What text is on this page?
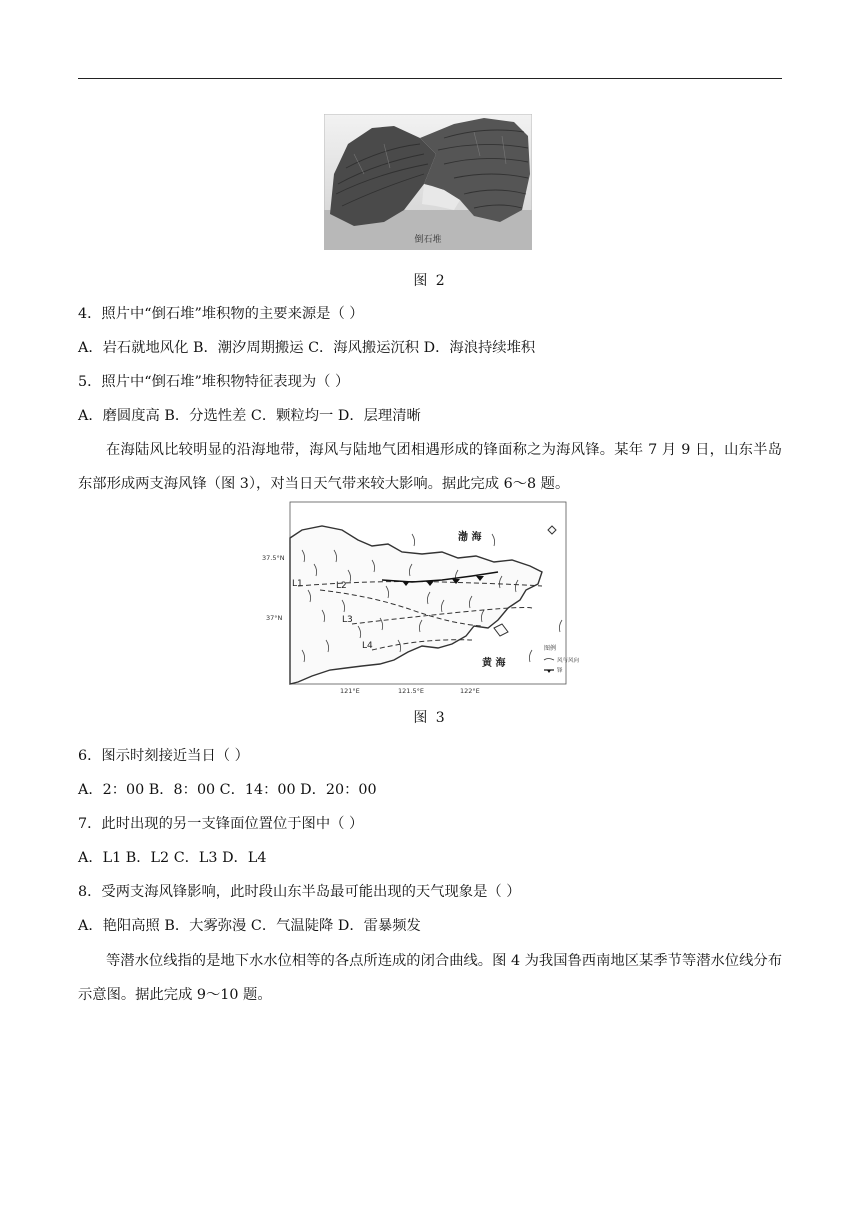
倒石堆
图 2
4．照片中“倒石堆”堆积物的主要来源是（ ）
A．岩石就地风化 B．潮汐周期搬运 C．海风搬运沉积 D．海浪持续堆积
5．照片中“倒石堆”堆积物特征表现为（ ）
A．磨圆度高 B．分选性差 C．颗粒均一 D．层理清晰
在海陆风比较明显的沿海地带，海风与陆地气团相遇形成的锋面称之为海风锋。某年 7 月 9 日，山东半岛东部形成两支海风锋（图 3），对当日天气带来较大影响。据此完成 6～8 题。
L1	L2
L3
L4
渤 海
黄 海
37.5°N
37°N
121°E	121.5°E	122°E
图例
风与风向
锋
图 3
6．图示时刻接近当日（ ）
A．2：00 B．8：00 C．14：00 D．20：00
7．此时出现的另一支锋面位置位于图中（ ）
A．L1 B．L2 C．L3 D．L4
8．受两支海风锋影响，此时段山东半岛最可能出现的天气现象是（ ）
A．艳阳高照 B．大雾弥漫 C．气温陡降 D．雷暴频发
等潜水位线指的是地下水水位相等的各点所连成的闭合曲线。图 4 为我国鲁西南地区某季节等潜水位线分布示意图。据此完成 9～10 题。
